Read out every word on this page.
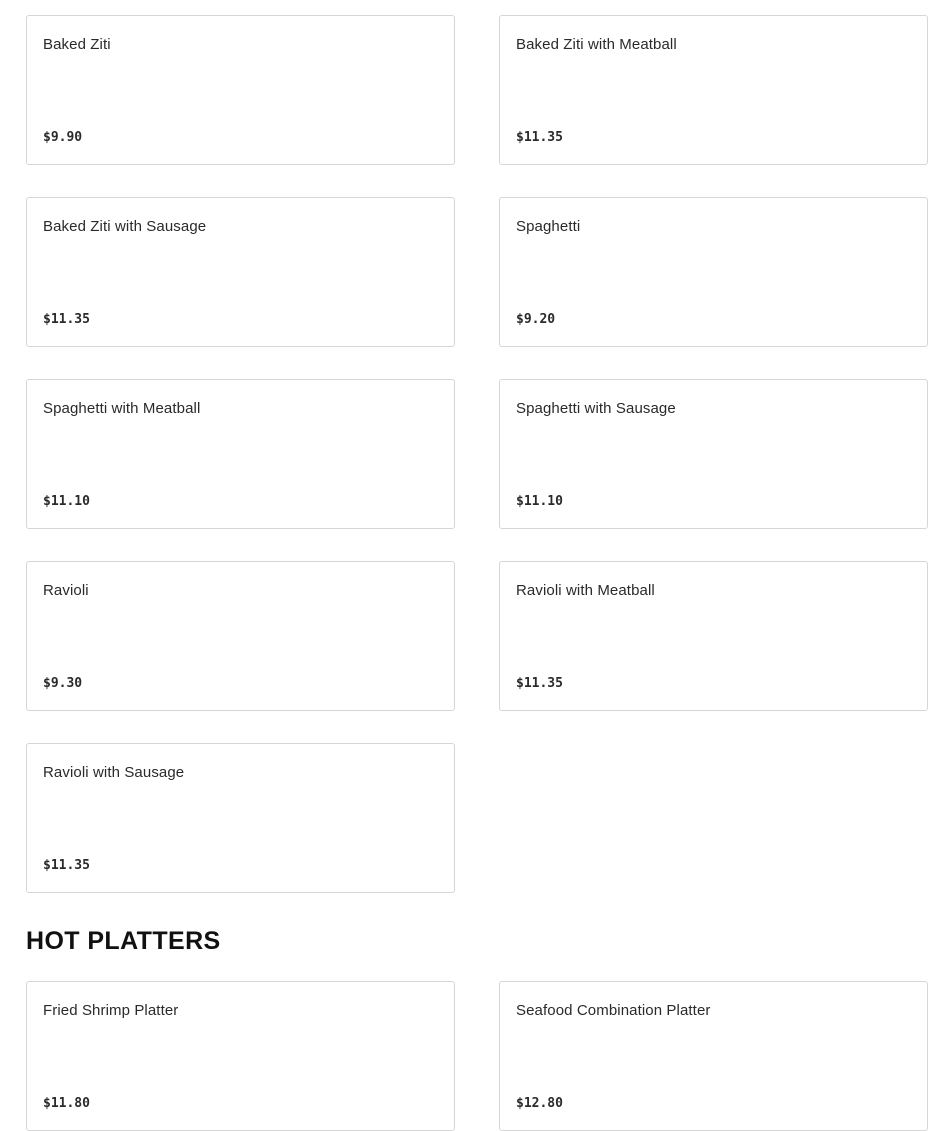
Baked Ziti
$9.90
Baked Ziti with Meatball
$11.35
Baked Ziti with Sausage
$11.35
Spaghetti
$9.20
Spaghetti with Meatball
$11.10
Spaghetti with Sausage
$11.10
Ravioli
$9.30
Ravioli with Meatball
$11.35
Ravioli with Sausage
$11.35
HOT PLATTERS
Fried Shrimp Platter
$11.80
Seafood Combination Platter
$12.80
